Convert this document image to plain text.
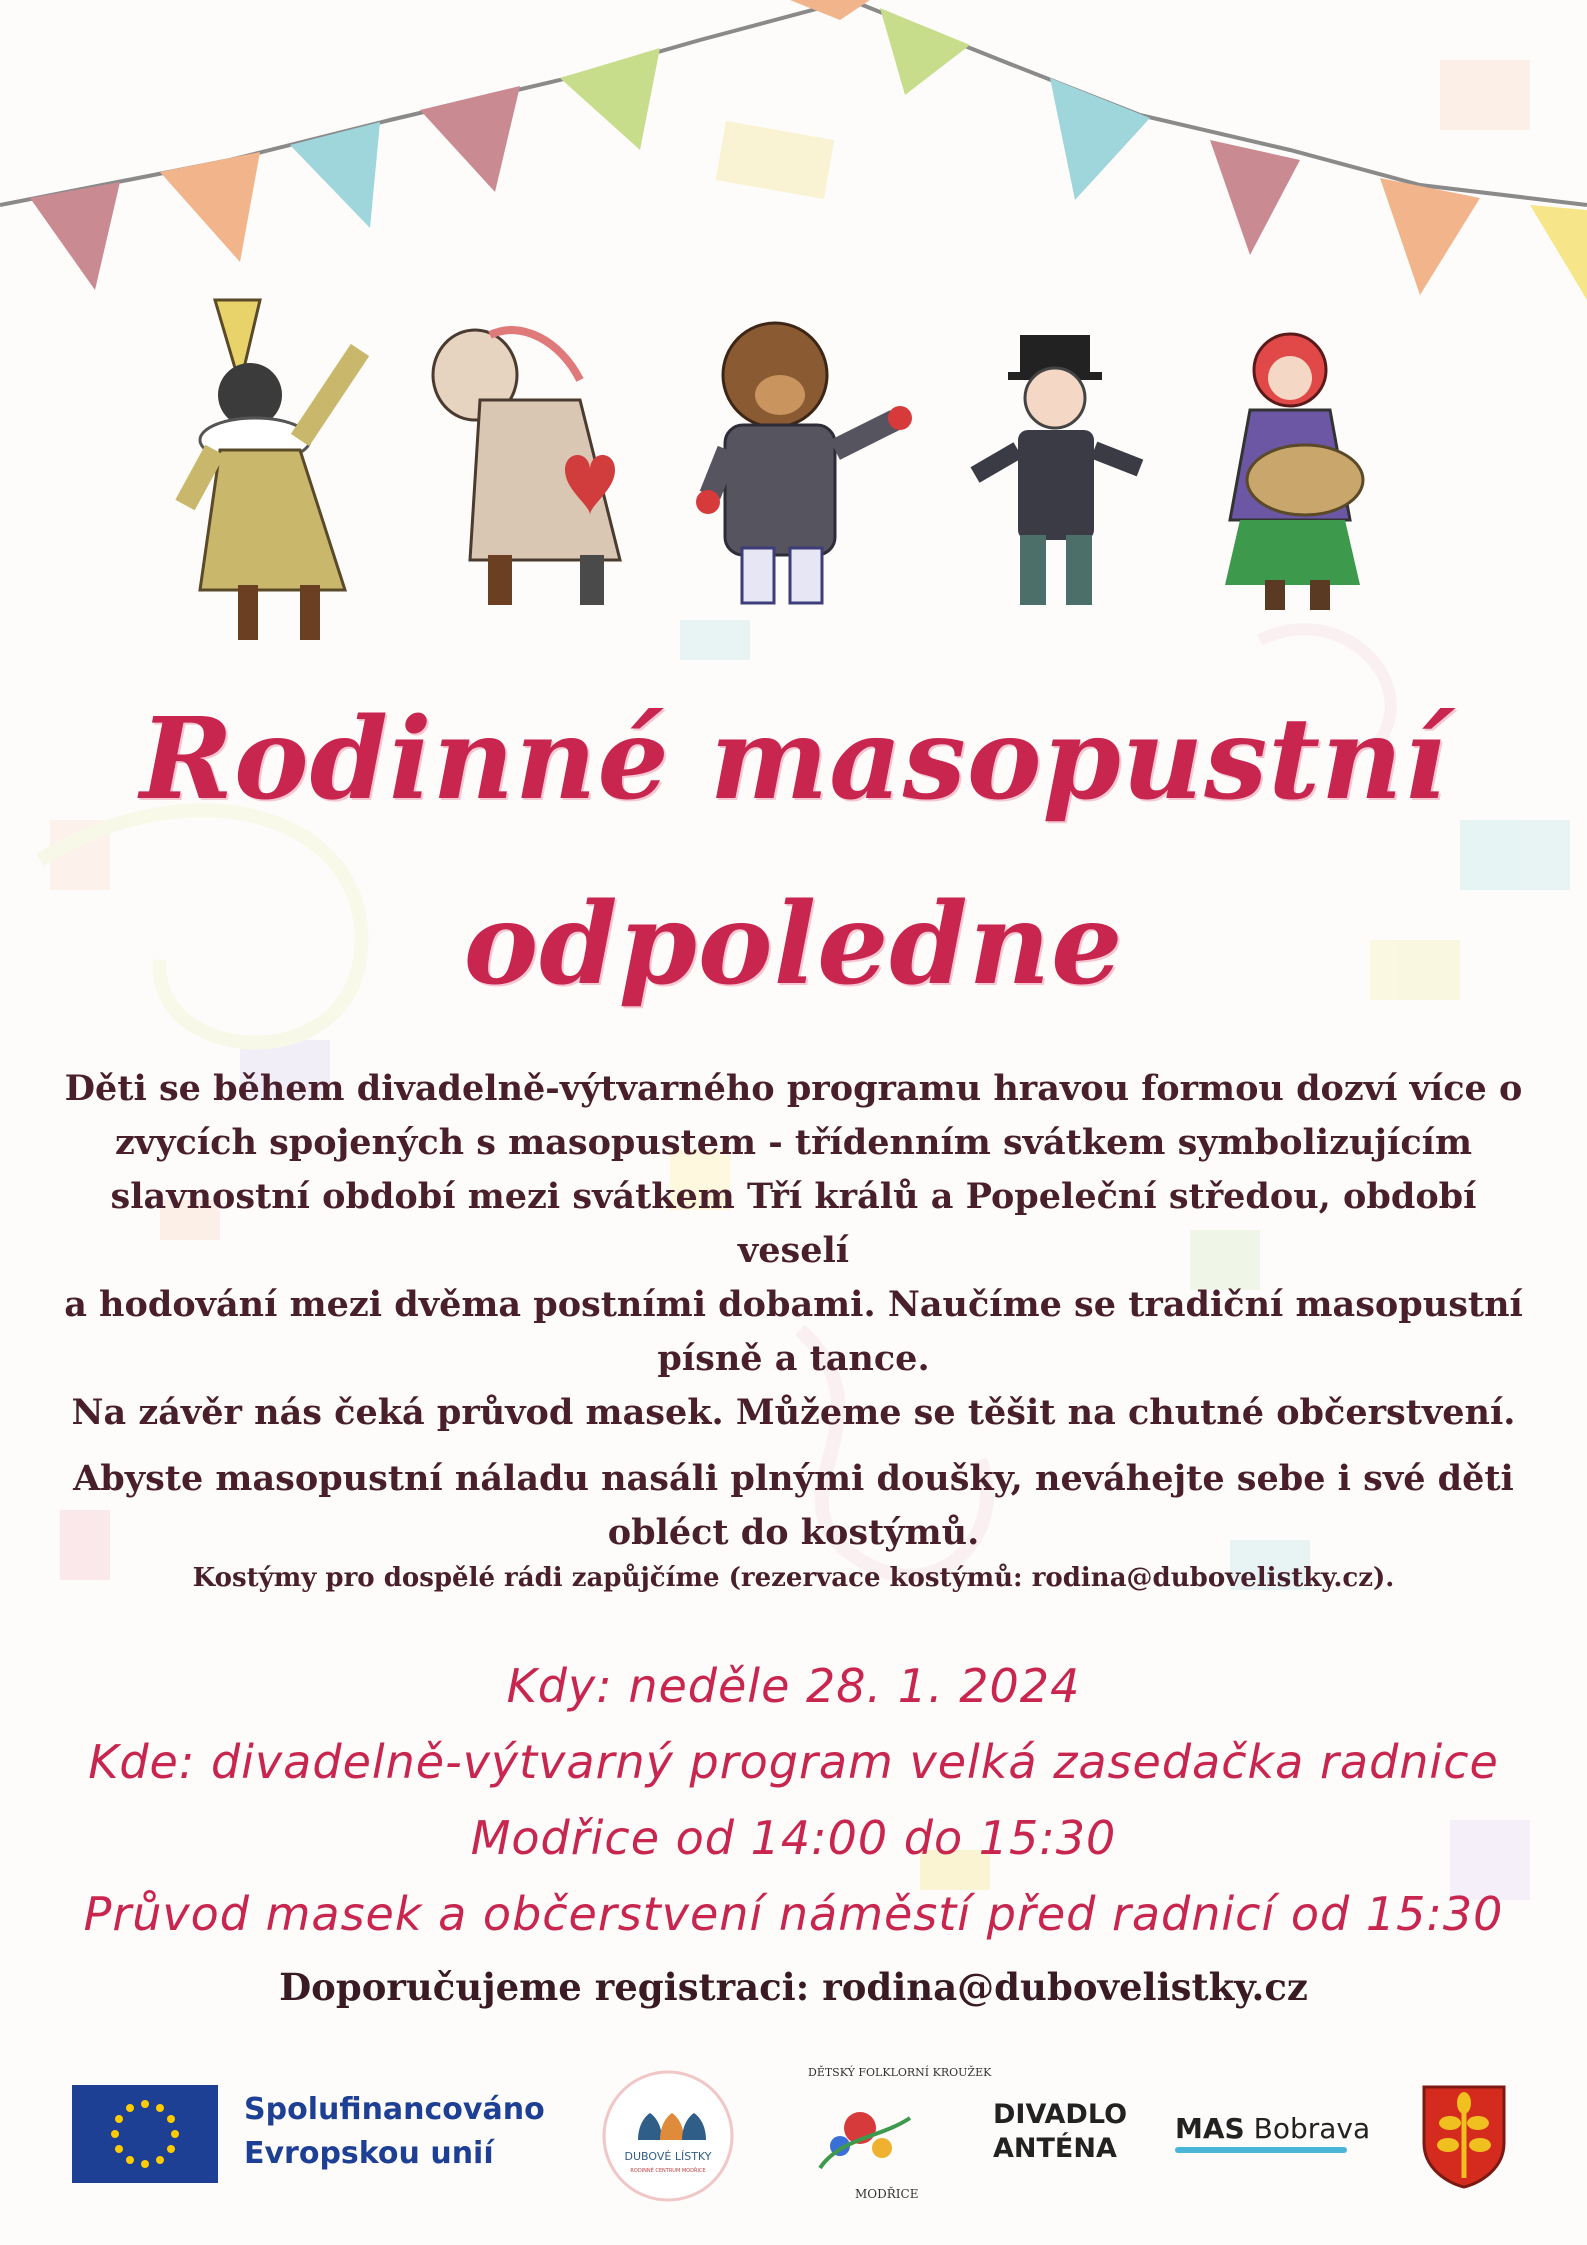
Rodinné masopustní
odpoledne
Děti se během divadelně-výtvarného programu hravou formou dozví více o
zvycích spojených s masopustem - třídenním svátkem symbolizujícím
slavnostní období mezi svátkem Tří králů a Popeleční středou, období veselí
a hodování mezi dvěma postními dobami. Naučíme se tradiční masopustní
písně a tance.
Na závěr nás čeká průvod masek. Můžeme se těšit na chutné občerstvení.
Abyste masopustní náladu nasáli plnými doušky, neváhejte sebe i své děti
obléct do kostýmů.
Kostýmy pro dospělé rádi zapůjčíme (rezervace kostýmů: rodina@dubovelistky.cz).
Kdy: neděle 28. 1. 2024
Kde: divadelně-výtvarný program velká zasedačka radnice
Modřice od 14:00 do 15:30
Průvod masek a občerstvení náměstí před radnicí od 15:30
Doporučujeme registraci: rodina@dubovelistky.cz
Spolufinancováno
Evropskou unií	DUBOVÉ LÍSTKY
RODINNÉ CENTRUM MODŘICE
DĚTSKÝ FOLKLORNÍ KROUŽEK
MODŘICE
DIVADLO
ANTÉNA
MAS Bobrava
